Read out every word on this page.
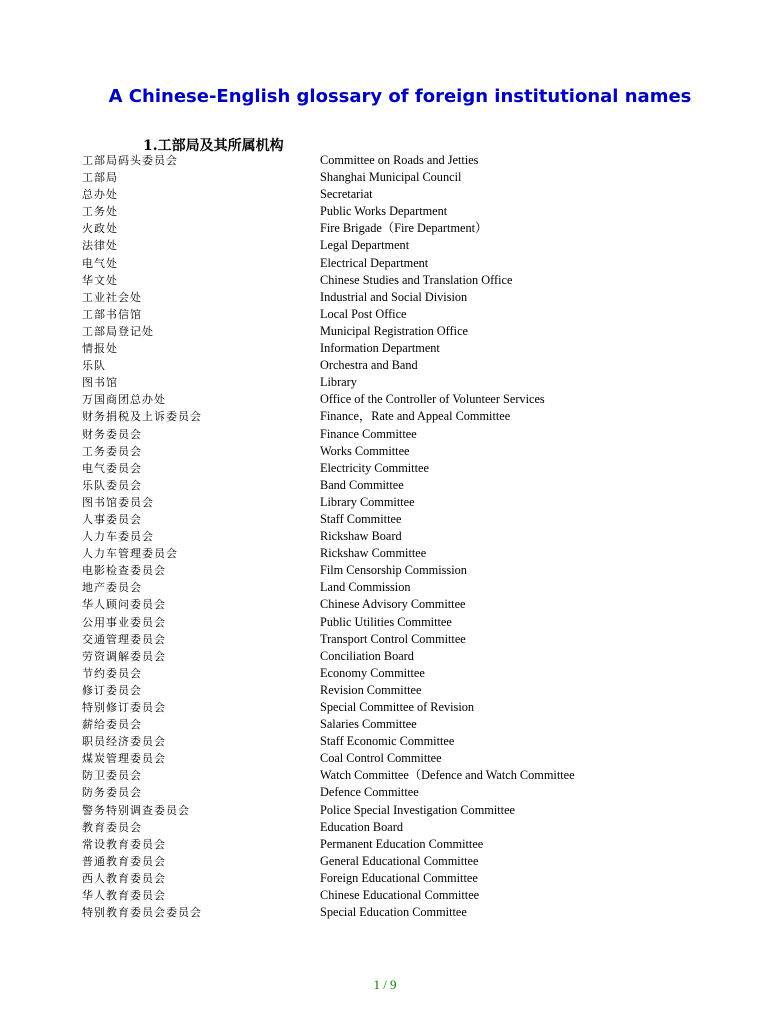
A Chinese-English glossary of foreign institutional names
1.工部局及其所属机构
工部局码头委员会	Committee on Roads and Jetties
工部局	Shanghai Municipal Council
总办处	Secretariat
工务处	Public Works Department
火政处	Fire Brigade（Fire Department）
法律处	Legal Department
电气处	Electrical Department
华文处	Chinese Studies and Translation Office
工业社会处	Industrial and Social Division
工部书信馆	Local Post Office
工部局登记处	Municipal Registration Office
情报处	Information Department
乐队	Orchestra and Band
图书馆	Library
万国商团总办处	Office of the Controller of Volunteer Services
财务捐税及上诉委员会	Finance，Rate and Appeal Committee
财务委员会	Finance Committee
工务委员会	Works Committee
电气委员会	Electricity Committee
乐队委员会	Band Committee
图书馆委员会	Library Committee
人事委员会	Staff Committee
人力车委员会	Rickshaw Board
人力车管理委员会	Rickshaw Committee
电影检查委员会	Film Censorship Commission
地产委员会	Land Commission
华人顾问委员会	Chinese Advisory Committee
公用事业委员会	Public Utilities Committee
交通管理委员会	Transport Control Committee
劳资调解委员会	Conciliation Board
节约委员会	Economy Committee
修订委员会	Revision Committee
特别修订委员会	Special Committee of Revision
薪给委员会	Salaries Committee
职员经济委员会	Staff Economic Committee
煤炭管理委员会	Coal Control Committee
防卫委员会	Watch Committee（Defence and Watch Committee
防务委员会	Defence Committee
警务特别调查委员会	Police Special Investigation Committee
教育委员会	Education Board
常设教育委员会	Permanent Education Committee
普通教育委员会	General Educational Committee
西人教育委员会	Foreign Educational Committee
华人教育委员会	Chinese Educational Committee
特别教育委员会委员会	Special Education Committee
1 / 9
